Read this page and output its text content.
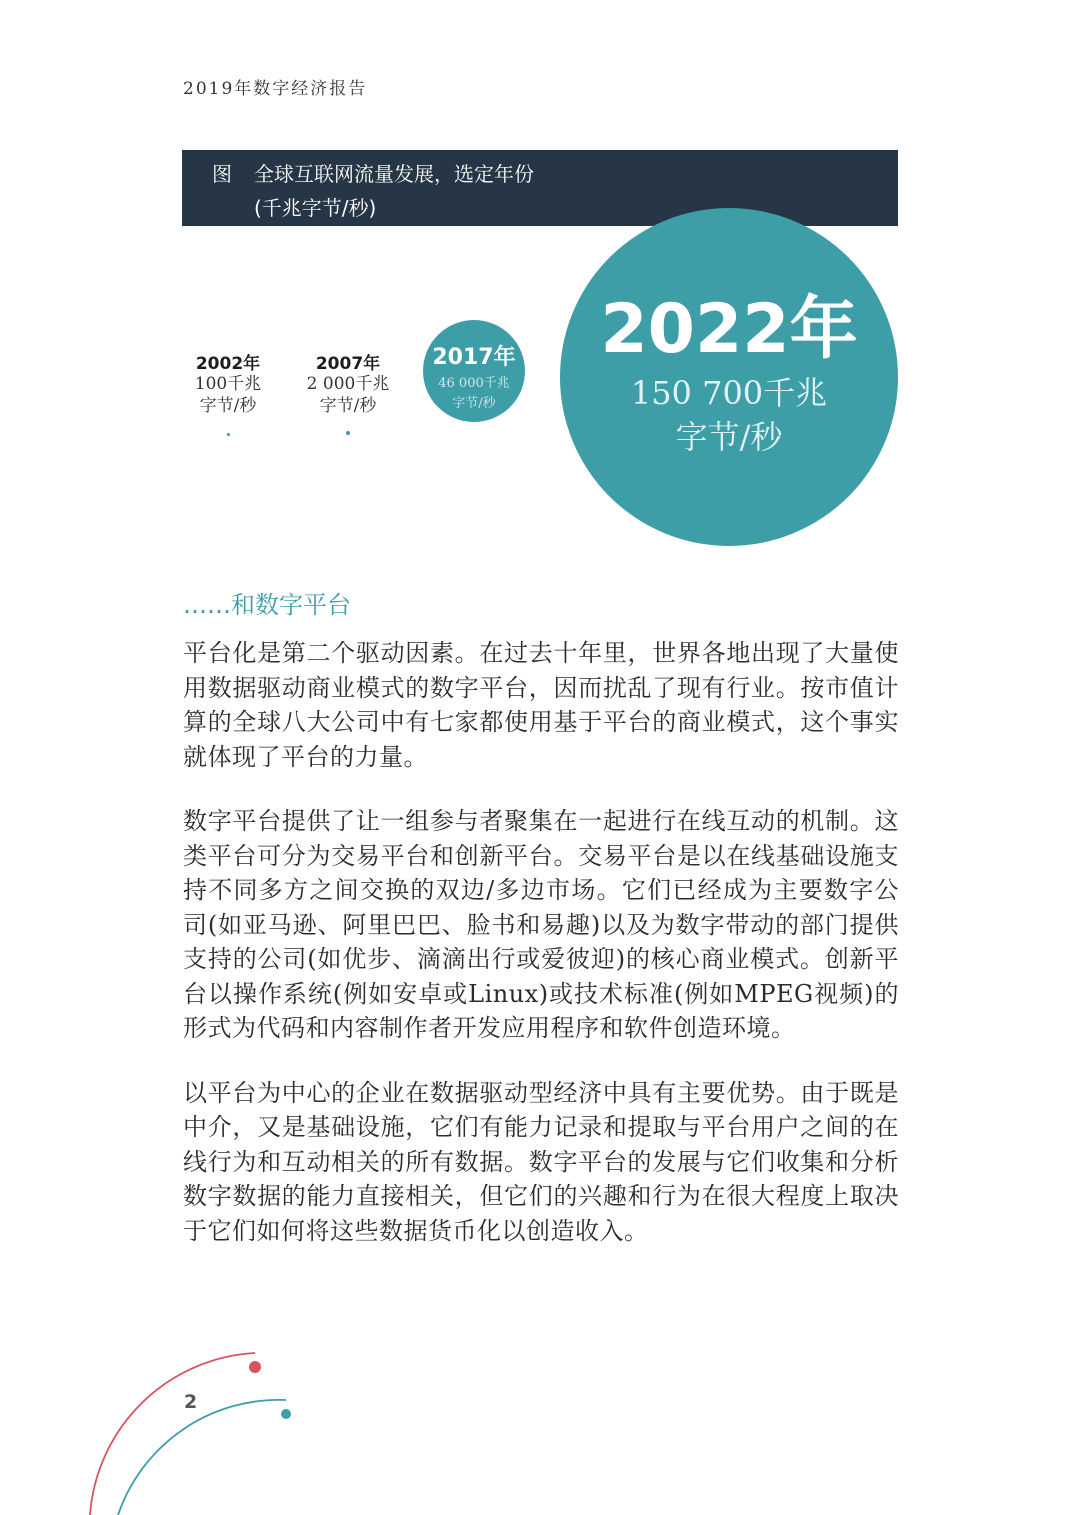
2019年数字经济报告
图 全球互联网流量发展，选定年份
(千兆字节/秒)
2002年
100千兆
字节/秒
2007年
2 000千兆
字节/秒
2017年
46 000千兆
字节/秒
2022年
150 700千兆
字节/秒
……和数字平台

平台化是第二个驱动因素。在过去十年里，世界各地出现了大量使用数据驱动商业模式的数字平台，因而扰乱了现有行业。按市值计算的全球八大公司中有七家都使用基于平台的商业模式，这个事实就体现了平台的力量。

数字平台提供了让一组参与者聚集在一起进行在线互动的机制。这类平台可分为交易平台和创新平台。交易平台是以在线基础设施支持不同多方之间交换的双边/多边市场。它们已经成为主要数字公司(如亚马逊、阿里巴巴、脸书和易趣)以及为数字带动的部门提供支持的公司(如优步、滴滴出行或爱彼迎)的核心商业模式。创新平台以操作系统(例如安卓或Linux)或技术标准(例如MPEG视频)的形式为代码和内容制作者开发应用程序和软件创造环境。

以平台为中心的企业在数据驱动型经济中具有主要优势。由于既是中介，又是基础设施，它们有能力记录和提取与平台用户之间的在线行为和互动相关的所有数据。数字平台的发展与它们收集和分析数字数据的能力直接相关，但它们的兴趣和行为在很大程度上取决于它们如何将这些数据货币化以创造收入。

2
